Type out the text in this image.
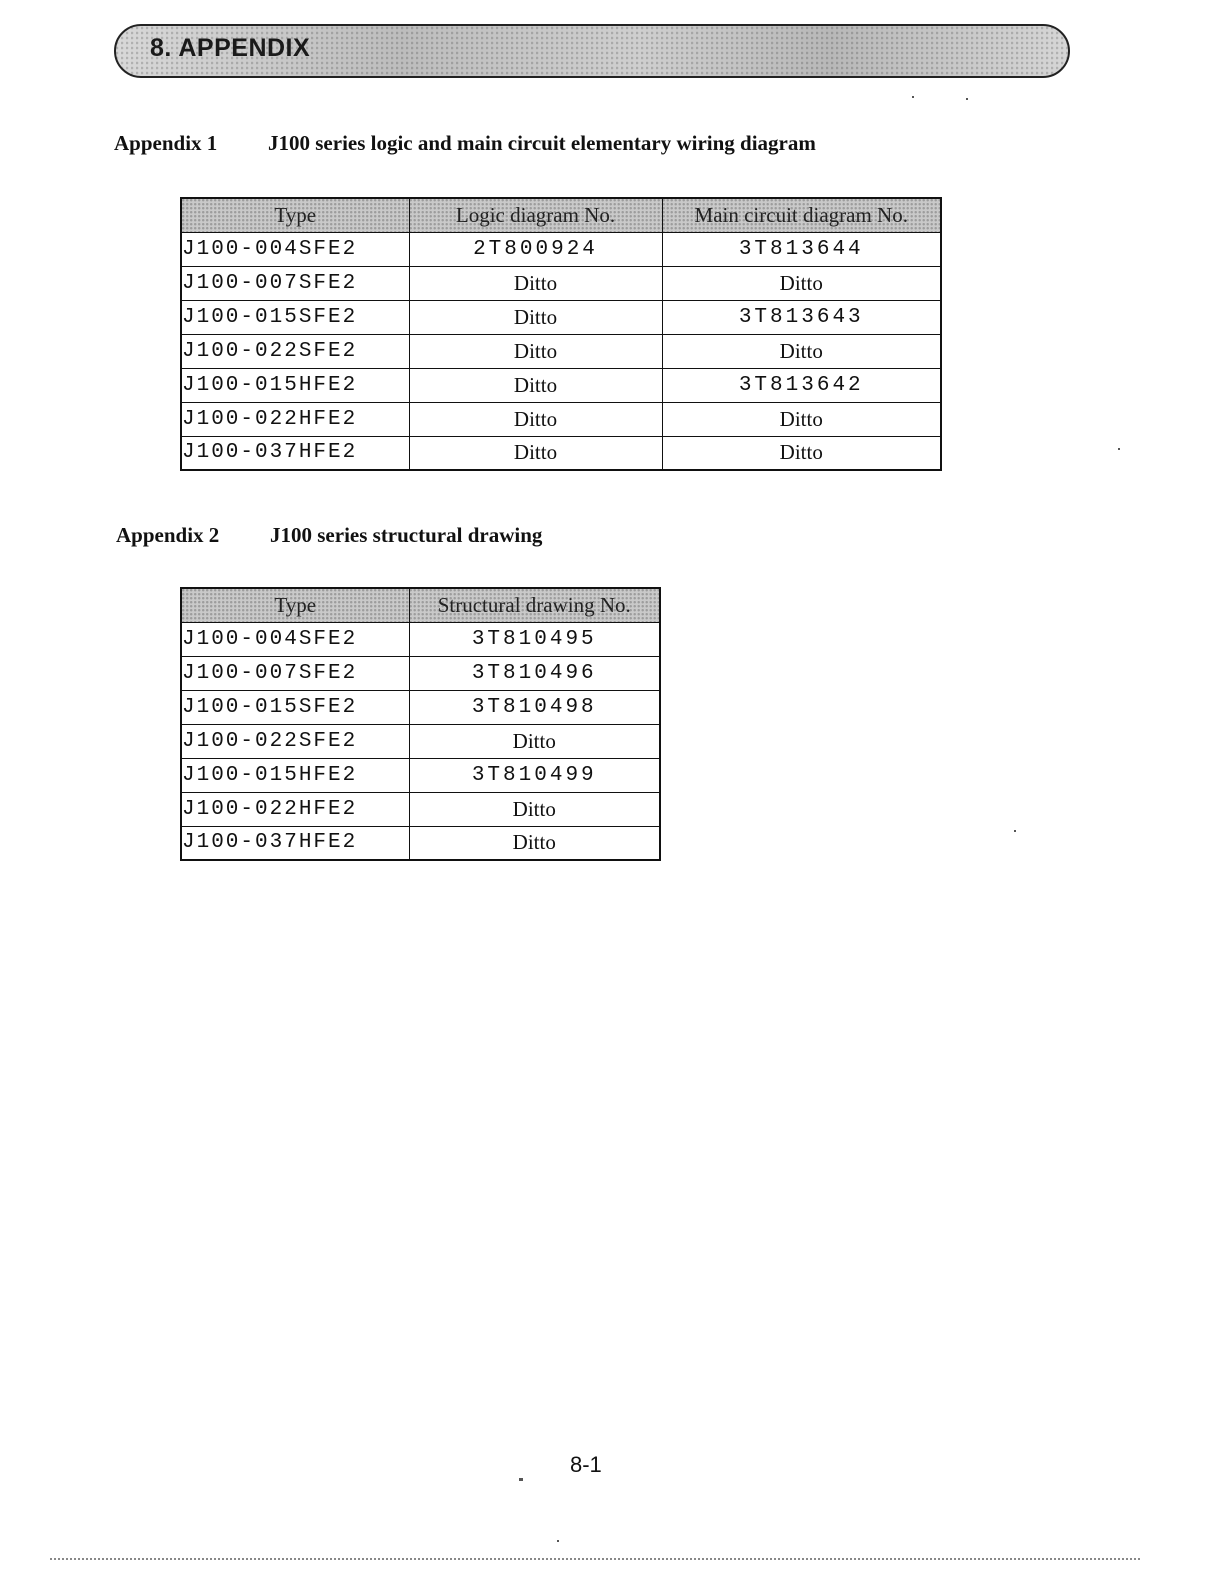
8. APPENDIX
Appendix 1 J100 series logic and main circuit elementary wiring diagram
Type	Logic diagram No.	Main circuit diagram No.
J100-004SFE2	2T800924	3T813644
J100-007SFE2	Ditto	Ditto
J100-015SFE2	Ditto	3T813643
J100-022SFE2	Ditto	Ditto
J100-015HFE2	Ditto	3T813642
J100-022HFE2	Ditto	Ditto
J100-037HFE2	Ditto	Ditto
Appendix 2 J100 series structural drawing
Type	Structural drawing No.
J100-004SFE2	3T810495
J100-007SFE2	3T810496
J100-015SFE2	3T810498
J100-022SFE2	Ditto
J100-015HFE2	3T810499
J100-022HFE2	Ditto
J100-037HFE2	Ditto
8-1
